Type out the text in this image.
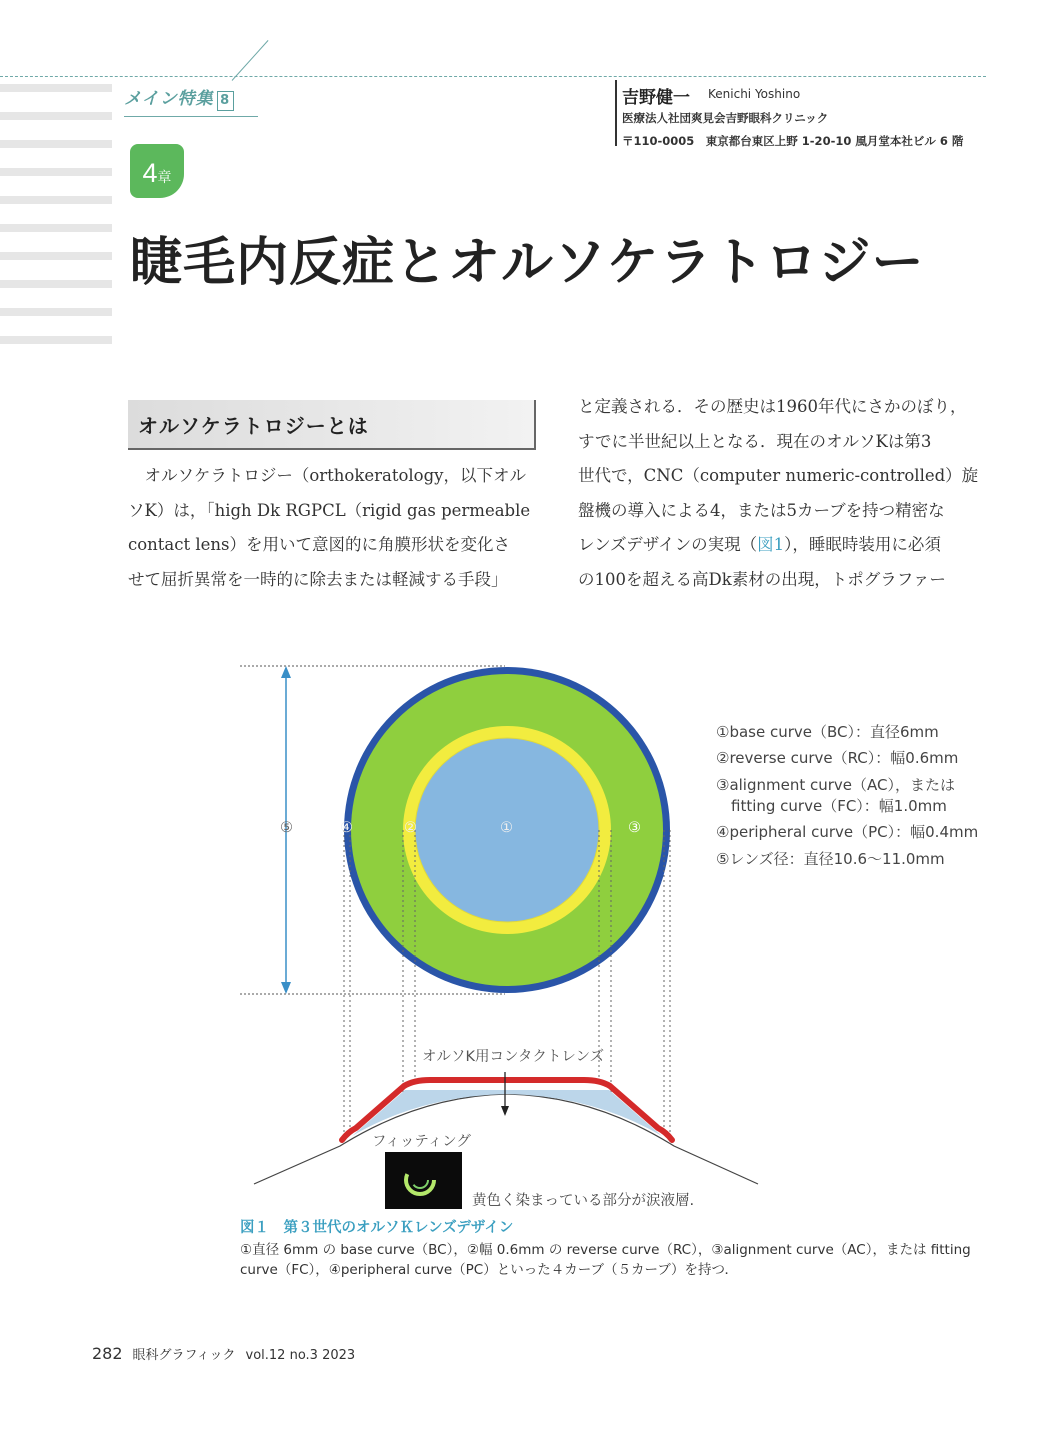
メイン特集 8	吉野健一 Kenichi Yoshino
医療法人社団爽見会吉野眼科クリニック
〒110-0005　東京都台東区上野 1-20-10 風月堂本社ビル 6 階
4章
睫毛内反症とオルソケラトロジー
オルソケラトロジーとは

　オルソケラトロジー（orthokeratology，以下オル

ソK）は，「high Dk RGPCL（rigid gas permeable

contact lens）を用いて意図的に角膜形状を変化さ

せて屈折異常を一時的に除去または軽減する手段」

と定義される．その歴史は1960年代にさかのぼり，

すでに半世紀以上となる．現在のオルソKは第3

世代で，CNC（computer numeric-controlled）旋

盤機の導入による4，または5カーブを持つ精密な

レンズデザインの実現（図1），睡眠時装用に必須

の100を超える高Dk素材の出現，トポグラファー

⑤	④	②	①	③
①base curve（BC）：直径6mm
②reverse curve（RC）：幅0.6mm
③alignment curve（AC），または
　fitting curve（FC）：幅1.0mm
④peripheral curve（PC）：幅0.4mm
⑤レンズ径：直径10.6～11.0mm
オルソK用コンタクトレンズ
フィッティング
黄色く染まっている部分が涙液層.
図１　第３世代のオルソＫレンズデザイン
①直径 6mm の base curve（BC），②幅 0.6mm の reverse curve（RC），③alignment curve（AC），または fitting curve（FC），④peripheral curve（PC）といった４カーブ（５カーブ）を持つ．
282 眼科グラフィック vol.12 no.3 2023
